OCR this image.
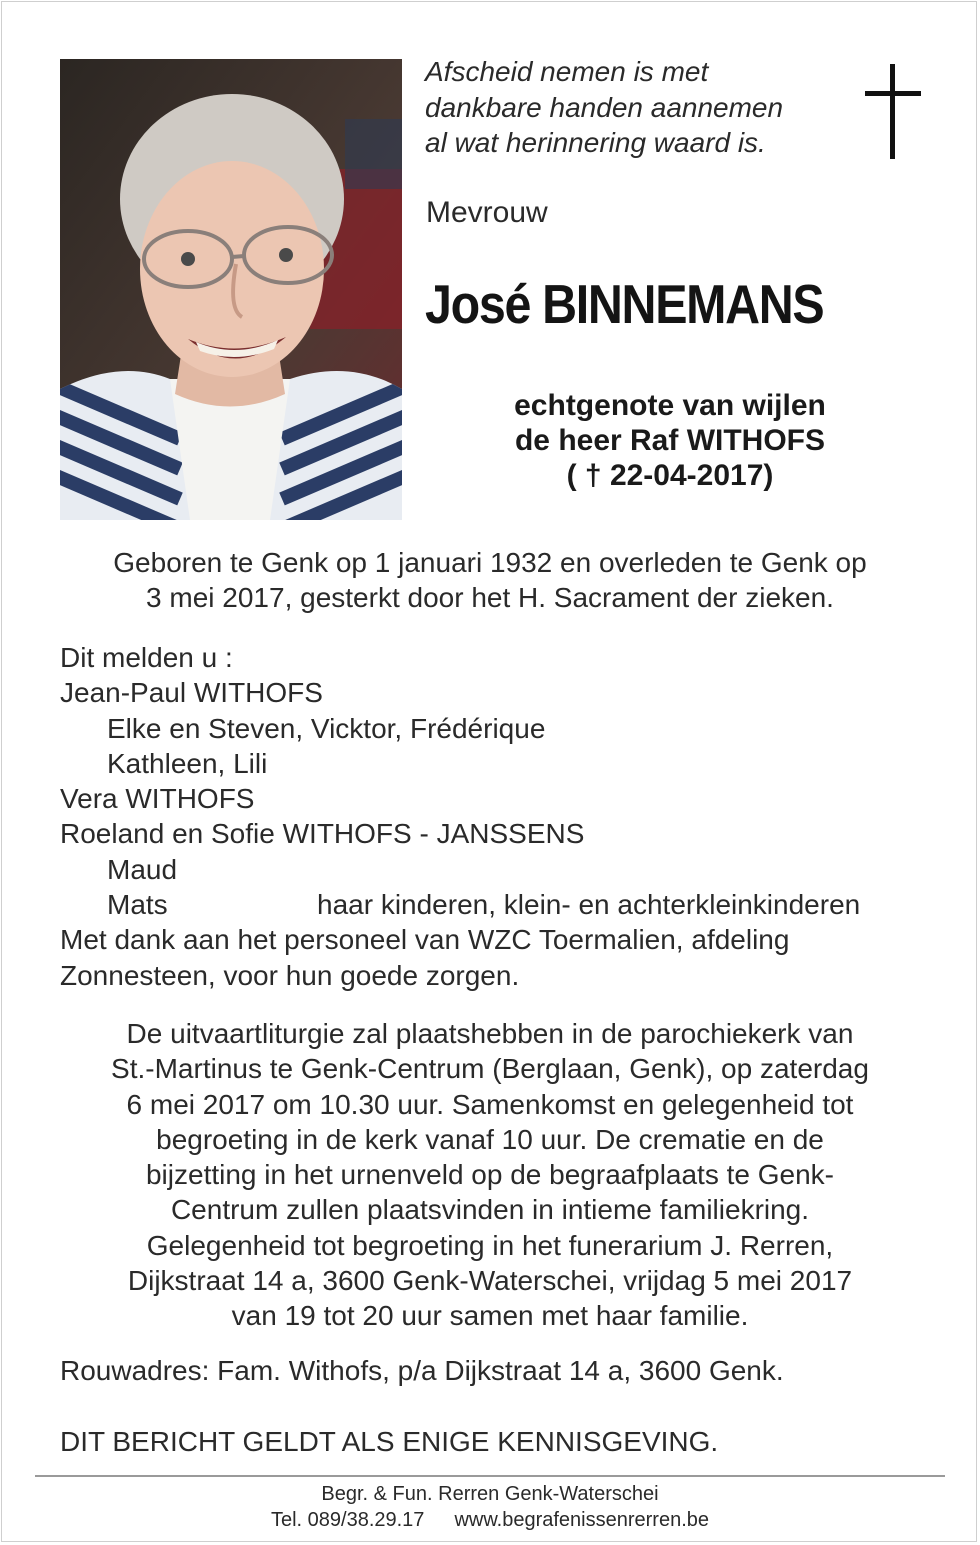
Afscheid nemen is met
dankbare handen aannemen
al wat herinnering waard is.
Mevrouw
José BINNEMANS
echtgenote van wijlen
de heer Raf WITHOFS
( † 22-04-2017)
Geboren te Genk op 1 januari 1932 en overleden te Genk op
3 mei 2017, gesterkt door het H. Sacrament der zieken.
Dit melden u :
Jean-Paul WITHOFS
Elke en Steven, Vicktor, Frédérique
Kathleen, Lili
Vera WITHOFS
Roeland en Sofie WITHOFS - JANSSENS
Maud
Mats	haar kinderen, klein- en achterkleinkinderen
Met dank aan het personeel van WZC Toermalien, afdeling
Zonnesteen, voor hun goede zorgen.
De uitvaartliturgie zal plaatshebben in de parochiekerk van
St.-Martinus te Genk-Centrum (Berglaan, Genk), op zaterdag
6 mei 2017 om 10.30 uur. Samenkomst en gelegenheid tot
begroeting in de kerk vanaf 10 uur. De crematie en de
bijzetting in het urnenveld op de begraafplaats te Genk-
Centrum zullen plaatsvinden in intieme familiekring.
Gelegenheid tot begroeting in het funerarium J. Rerren,
Dijkstraat 14 a, 3600 Genk-Waterschei, vrijdag 5 mei 2017
van 19 tot 20 uur samen met haar familie.
Rouwadres: Fam. Withofs, p/a Dijkstraat 14 a, 3600 Genk.
DIT BERICHT GELDT ALS ENIGE KENNISGEVING.
Begr. & Fun. Rerren Genk-Waterschei
Tel. 089/38.29.17 www.begrafenissenrerren.be
